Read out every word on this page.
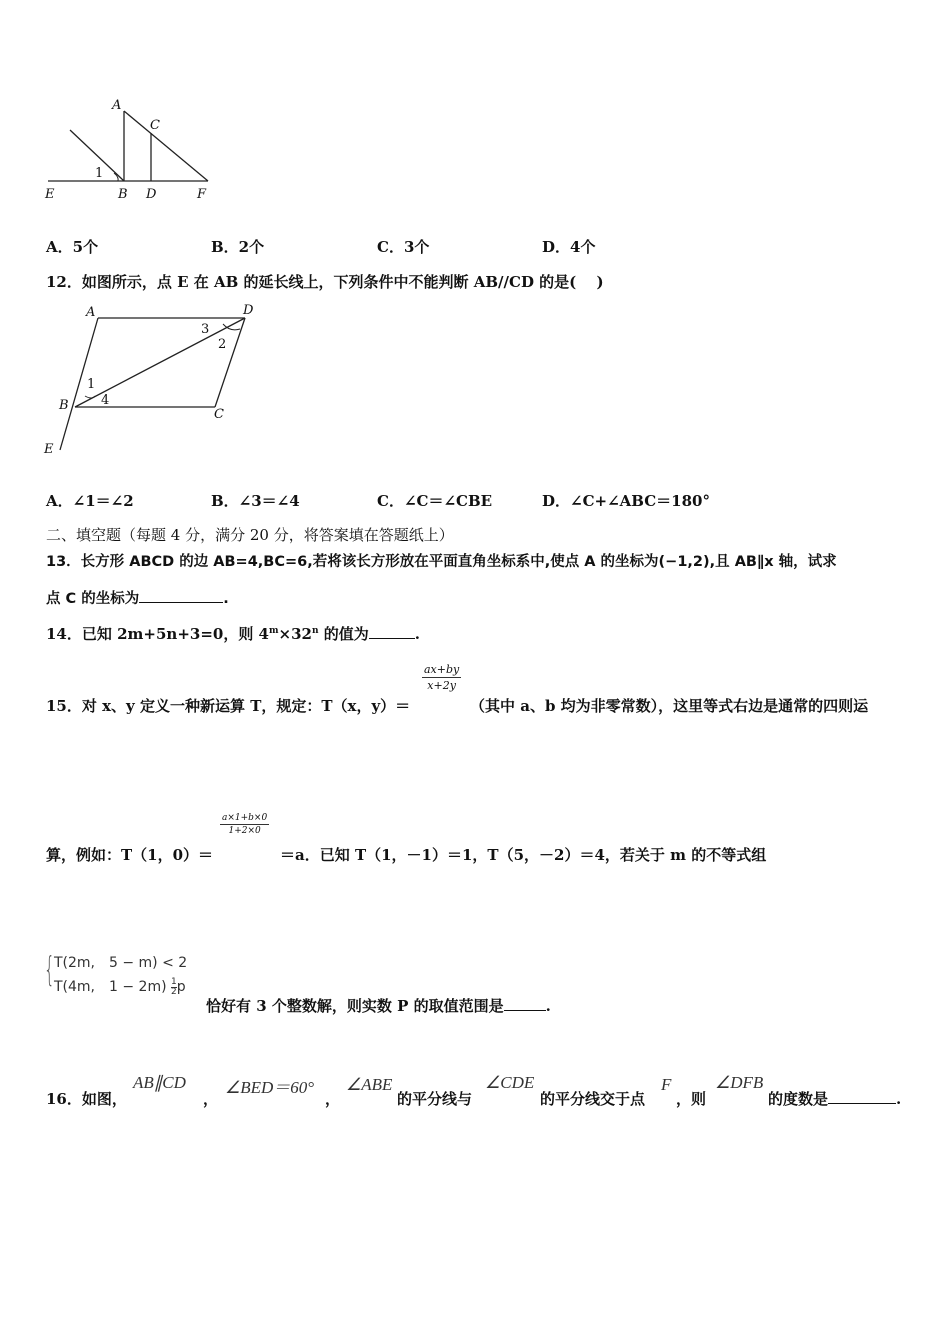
A
C
1
E	B D	F
A．5个	B．2个	C．3个	D．4个
12．如图所示，点 E 在 AB 的延长线上，下列条件中不能判断 AB//CD 的是(　 )
A	D
3
2
1
B 4
C
E
A．∠1＝∠2	B．∠3＝∠4	C．∠C＝∠CBE	D．∠C+∠ABC＝180°
二、填空题（每题 4 分，满分 20 分，将答案填在答题纸上）
13．长方形 ABCD 的边 AB=4,BC=6,若将该长方形放在平面直角坐标系中,使点 A 的坐标为(−1,2),且 AB∥x 轴，试求
点 C 的坐标为	.
14．已知 2m+5n+3=0，则 $4^m\times 32^n$ 的值为	.
15．对 x、y 定义一种新运算 T，规定：T（x，y）＝
$\frac{ax+by}{x+2y}$
（其中 a、b 均为非零常数），这里等式右边是通常的四则运
算，例如：T（1，0）＝
$\frac{a\times 1+b\times 0}{1+2\times 0}$
＝a．已知 T（1，－1）＝1，T（5，－2）＝4，若关于 m 的不等式组
{ T(2m,　5 − m) < 2
T(4m,　$1 - 2m) \frac{1}{2}$ p
恰好有 3 个整数解，则实数 P 的取值范围是	.
16．如图，
AB∥CD
，
∠BED＝60°
，
∠ABE
的平分线与
∠CDE
的平分线交于点
F
，则
∠DFB
的度数是	.
